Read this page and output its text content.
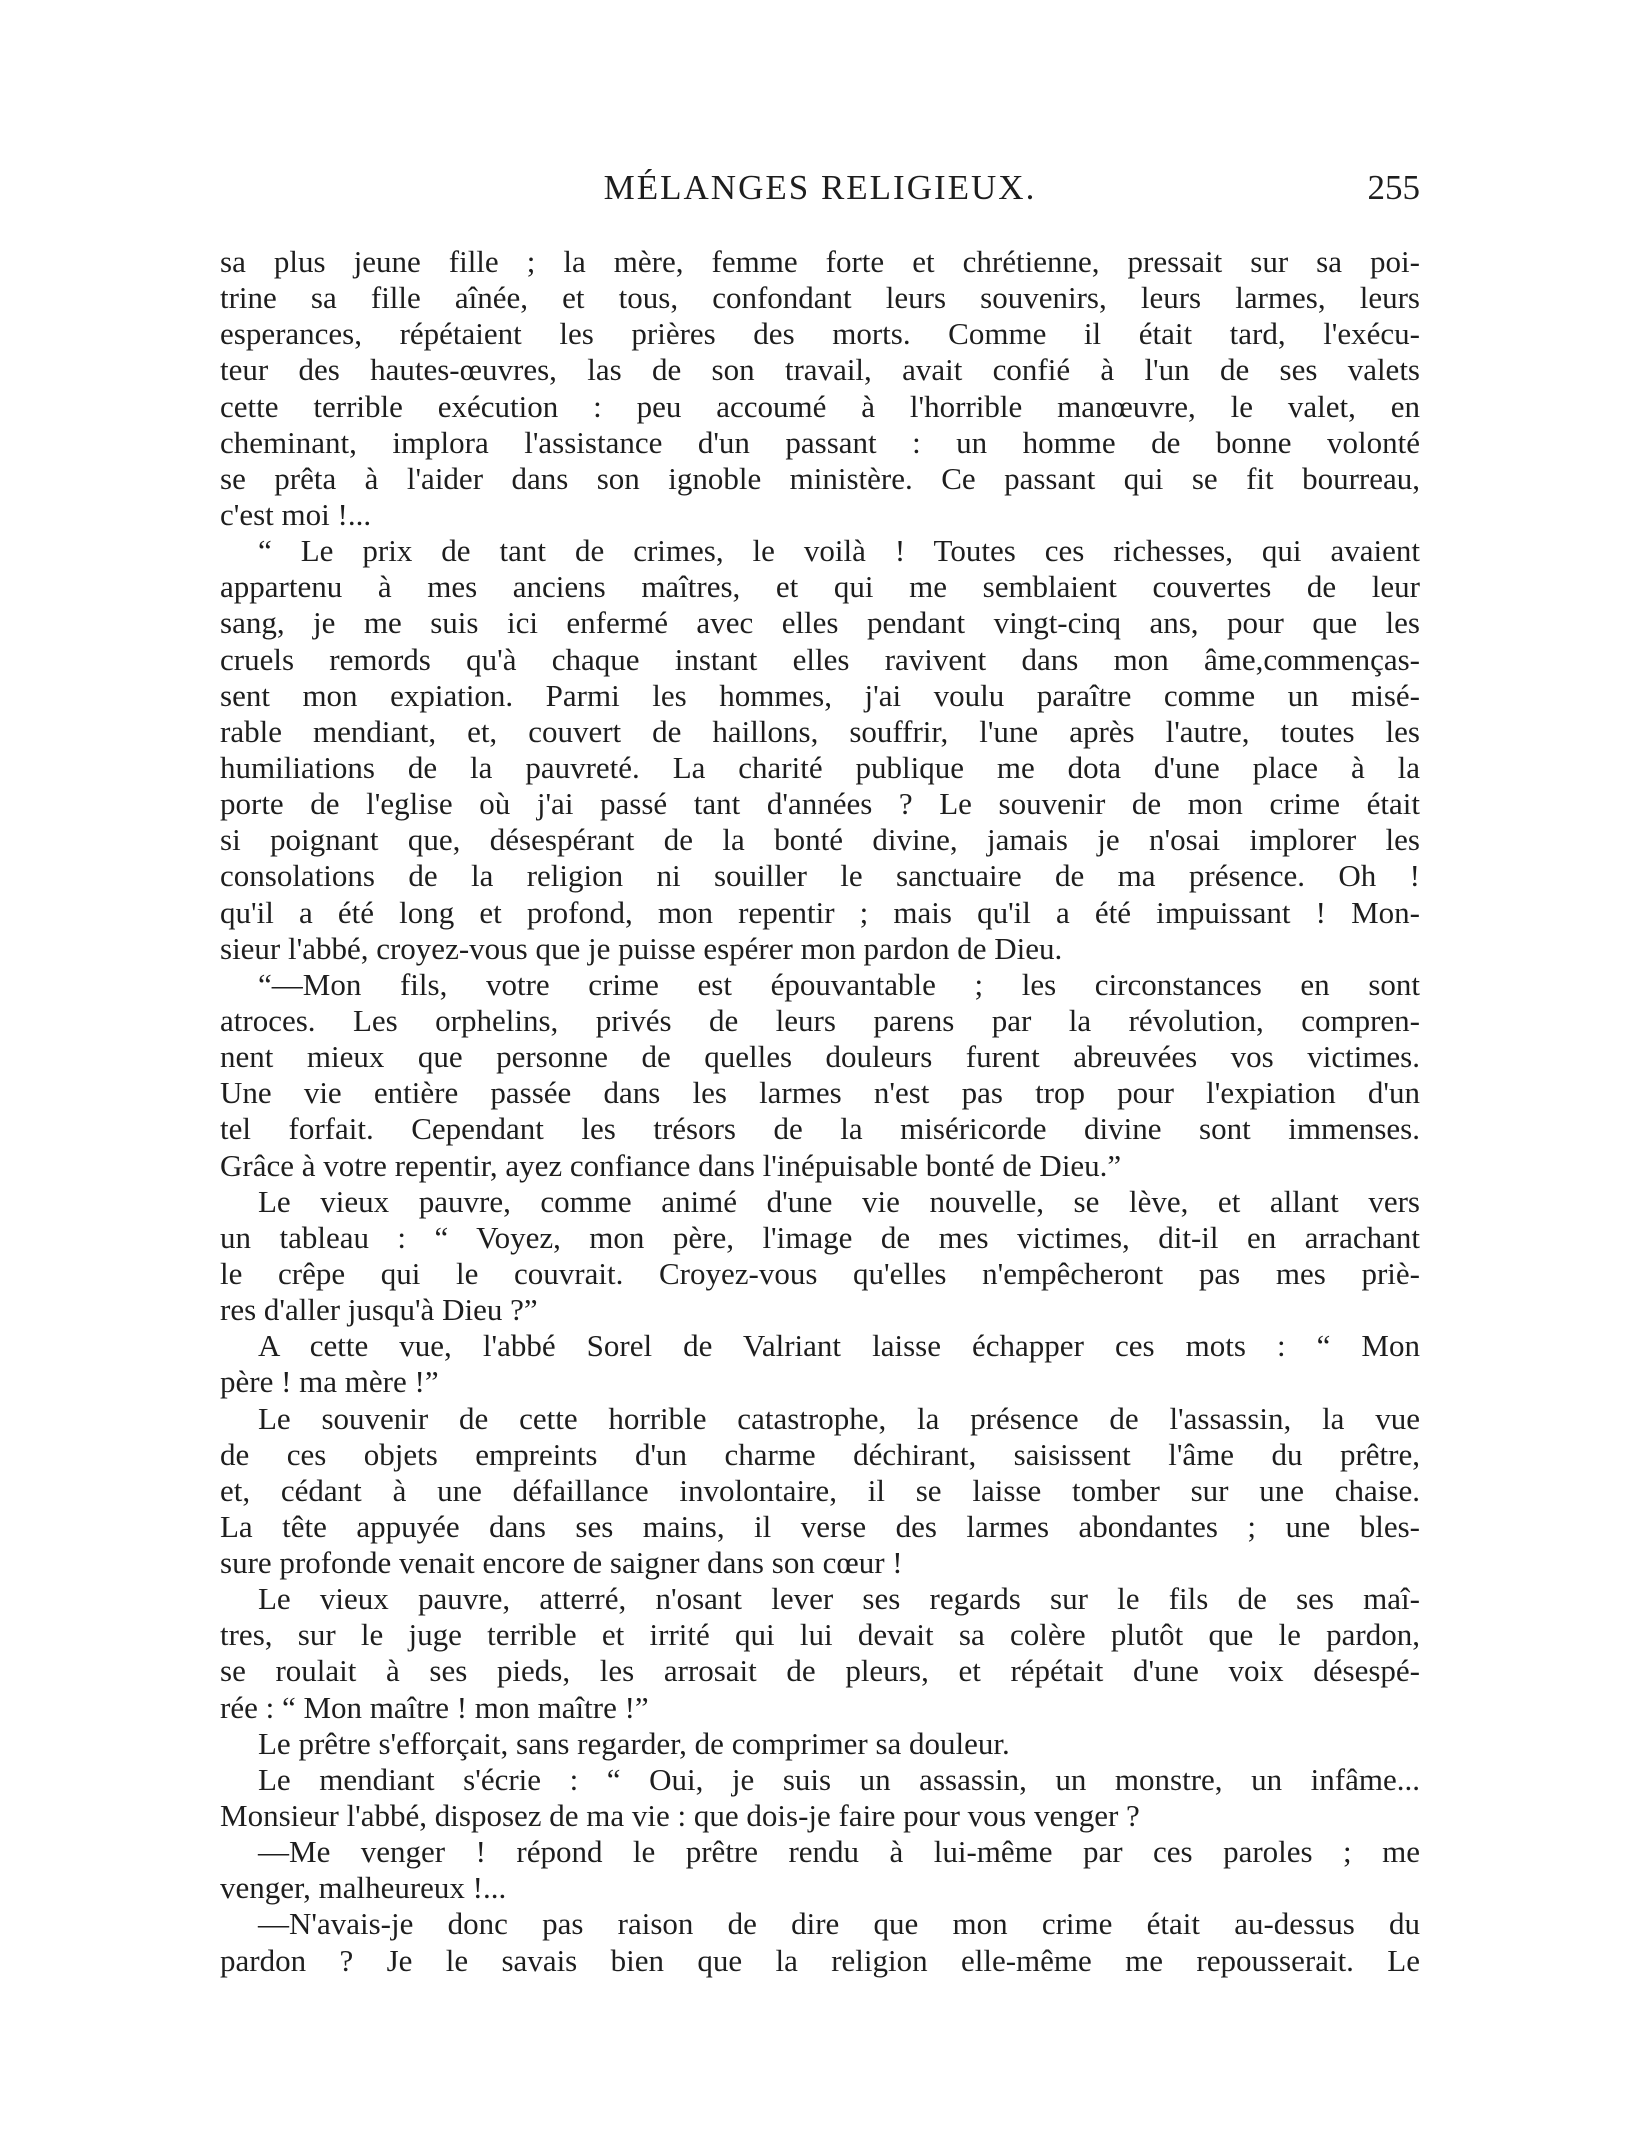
MÉLANGES RELIGIEUX.	255
sa plus jeune fille ; la mère, femme forte et chrétienne, pressait sur sa poi-
trine sa fille aînée, et tous, confondant leurs souvenirs, leurs larmes, leurs
esperances, répétaient les prières des morts. Comme il était tard, l'exécu-
teur des hautes-œuvres, las de son travail, avait confié à l'un de ses valets
cette terrible exécution : peu accoumé à l'horrible manœuvre, le valet, en
cheminant, implora l'assistance d'un passant : un homme de bonne volonté
se prêta à l'aider dans son ignoble ministère. Ce passant qui se fit bourreau,
c'est moi !...
“ Le prix de tant de crimes, le voilà ! Toutes ces richesses, qui avaient
appartenu à mes anciens maîtres, et qui me semblaient couvertes de leur
sang, je me suis ici enfermé avec elles pendant vingt-cinq ans, pour que les
cruels remords qu'à chaque instant elles ravivent dans mon âme,commenças-
sent mon expiation. Parmi les hommes, j'ai voulu paraître comme un misé-
rable mendiant, et, couvert de haillons, souffrir, l'une après l'autre, toutes les
humiliations de la pauvreté. La charité publique me dota d'une place à la
porte de l'eglise où j'ai passé tant d'années ? Le souvenir de mon crime était
si poignant que, désespérant de la bonté divine, jamais je n'osai implorer les
consolations de la religion ni souiller le sanctuaire de ma présence. Oh !
qu'il a été long et profond, mon repentir ; mais qu'il a été impuissant ! Mon-
sieur l'abbé, croyez-vous que je puisse espérer mon pardon de Dieu.
“—Mon fils, votre crime est épouvantable ; les circonstances en sont
atroces. Les orphelins, privés de leurs parens par la révolution, compren-
nent mieux que personne de quelles douleurs furent abreuvées vos victimes.
Une vie entière passée dans les larmes n'est pas trop pour l'expiation d'un
tel forfait. Cependant les trésors de la miséricorde divine sont immenses.
Grâce à votre repentir, ayez confiance dans l'inépuisable bonté de Dieu.”
Le vieux pauvre, comme animé d'une vie nouvelle, se lève, et allant vers
un tableau : “ Voyez, mon père, l'image de mes victimes, dit-il en arrachant
le crêpe qui le couvrait. Croyez-vous qu'elles n'empêcheront pas mes priè-
res d'aller jusqu'à Dieu ?”
A cette vue, l'abbé Sorel de Valriant laisse échapper ces mots : “ Mon
père ! ma mère !”
Le souvenir de cette horrible catastrophe, la présence de l'assassin, la vue
de ces objets empreints d'un charme déchirant, saisissent l'âme du prêtre,
et, cédant à une défaillance involontaire, il se laisse tomber sur une chaise.
La tête appuyée dans ses mains, il verse des larmes abondantes ; une bles-
sure profonde venait encore de saigner dans son cœur !
Le vieux pauvre, atterré, n'osant lever ses regards sur le fils de ses maî-
tres, sur le juge terrible et irrité qui lui devait sa colère plutôt que le pardon,
se roulait à ses pieds, les arrosait de pleurs, et répétait d'une voix désespé-
rée : “ Mon maître ! mon maître !”
Le prêtre s'efforçait, sans regarder, de comprimer sa douleur.
Le mendiant s'écrie : “ Oui, je suis un assassin, un monstre, un infâme...
Monsieur l'abbé, disposez de ma vie : que dois-je faire pour vous venger ?
—Me venger ! répond le prêtre rendu à lui-même par ces paroles ; me
venger, malheureux !...
—N'avais-je donc pas raison de dire que mon crime était au-dessus du
pardon ? Je le savais bien que la religion elle-même me repousserait. Le
